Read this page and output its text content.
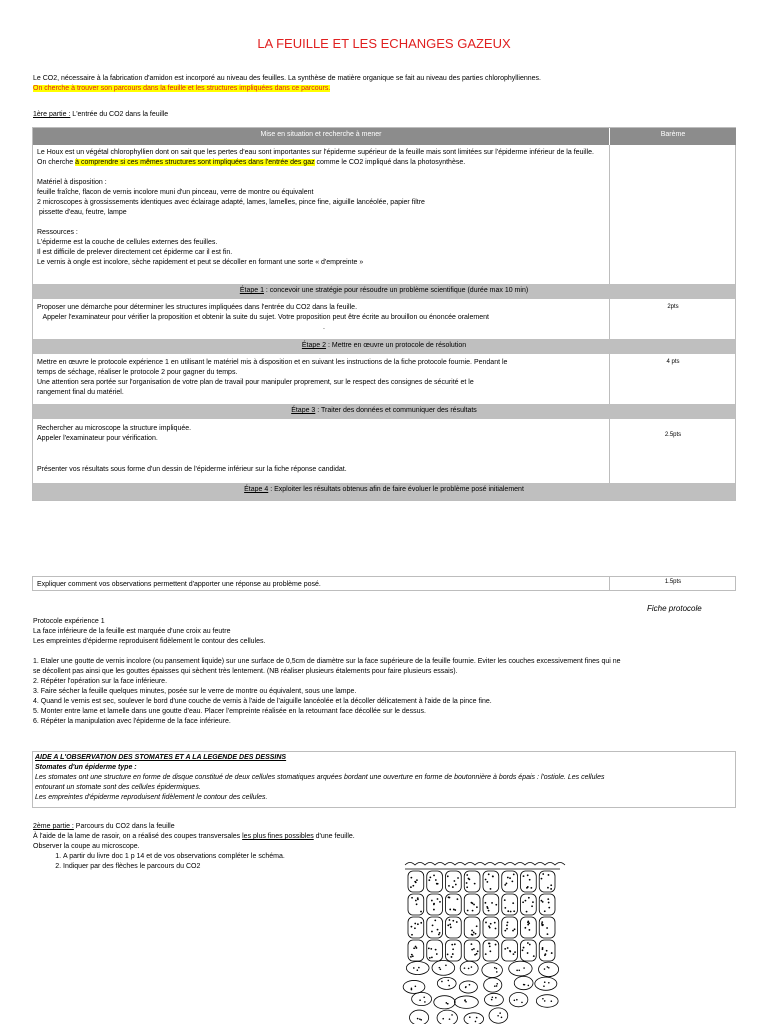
LA FEUILLE ET LES ECHANGES GAZEUX
Le CO2, nécessaire à la fabrication d'amidon est incorporé au niveau des feuilles. La synthèse de matière organique se fait au niveau des parties chlorophylliennes.
On cherche à trouver son parcours dans la feuille et les structures impliquées dans ce parcours.
1ère partie : L'entrée du CO2 dans la feuille
Mise en situation et recherche à mener	Barème
Le Houx est un végétal chlorophyllien dont on sait que les pertes d'eau sont importantes sur l'épiderme supérieur de la feuille mais sont limitées sur l'épiderme inférieur de la feuille. On cherche à comprendre si ces mêmes structures sont impliquées dans l'entrée des gaz comme le CO2 impliqué dans la photosynthèse.
Matériel à disposition :
feuille fraîche, flacon de vernis incolore muni d'un pinceau, verre de montre ou équivalent
2 microscopes à grossissements identiques avec éclairage adapté, lames, lamelles, pince fine, aiguille lancéolée, papier filtre
pissette d'eau, feutre, lampe
Ressources :
L'épiderme est la couche de cellules externes des feuilles.
Il est difficile de prelever directement cet épiderme car il est fin.
Le vernis à ongle est incolore, sèche rapidement et peut se décoller en formant une sorte « d'empreinte »
Étape 1 : concevoir une stratégie pour résoudre un problème scientifique (durée max 10 min)
Proposer une démarche pour déterminer les structures impliquées dans l'entrée du CO2 dans la feuille.
Appeler l'examinateur pour vérifier la proposition et obtenir la suite du sujet. Votre proposition peut être écrite au brouillon ou énoncée oralement
.
2pts
Étape 2 : Mettre en œuvre un protocole de résolution
Mettre en œuvre le protocole expérience 1 en utilisant le matériel mis à disposition et en suivant les instructions de la fiche protocole fournie. Pendant le
temps de séchage, réaliser le protocole 2 pour gagner du temps.
Une attention sera portée sur l'organisation de votre plan de travail pour manipuler proprement, sur le respect des consignes de sécurité et le
rangement final du matériel.
4 pts
Étape 3 : Traiter des données et communiquer des résultats
Rechercher au microscope la structure impliquée.
Appeler l'examinateur pour vérification.
Présenter vos résultats sous forme d'un dessin de l'épiderme inférieur sur la fiche réponse candidat.
2.5pts
Étape 4 : Exploiter les résultats obtenus afin de faire évoluer le problème posé initialement
Expliquer comment vos observations permettent d'apporter une réponse au problème posé.	1.5pts
Fiche protocole
Protocole expérience 1
La face inférieure de la feuille est marquée d'une croix au feutre
Les empreintes d'épiderme reproduisent fidèlement le contour des cellules.
1. Etaler une goutte de vernis incolore (ou pansement liquide) sur une surface de 0,5cm de diamètre sur la face supérieure de la feuille fournie. Eviter les couches excessivement fines qui ne
se décollent pas ainsi que les gouttes épaisses qui sèchent très lentement. (NB réaliser plusieurs étalements pour faire plusieurs essais).
2. Répéter l'opération sur la face inférieure.
3. Faire sécher la feuille quelques minutes, posée sur le verre de montre ou équivalent, sous une lampe.
4. Quand le vernis est sec, soulever le bord d'une couche de vernis à l'aide de l'aiguille lancéolée et la décoller délicatement à l'aide de la pince fine.
5. Monter entre lame et lamelle dans une goutte d'eau. Placer l'empreinte réalisée en la retournant face décollée sur le dessus.
6. Répéter la manipulation avec l'épiderme de la face inférieure.
AIDE A L'OBSERVATION DES STOMATES ET A LA LEGENDE DES DESSINS
Stomates d'un épiderme type :
Les stomates ont une structure en forme de disque constitué de deux cellules stomatiques arquées bordant une ouverture en forme de boutonnière à bords épais : l'ostiole. Les cellules
entourant un stomate sont des cellules épidermiques.
Les empreintes d'épiderme reproduisent fidèlement le contour des cellules.
2ème partie : Parcours du CO2 dans la feuille
À l'aide de la lame de rasoir, on a réalisé des coupes transversales les plus fines possibles d'une feuille.
Observer la coupe au microscope.
1. A partir du livre doc 1 p 14 et de vos observations compléter le schéma.
2. Indiquer par des flèches le parcours du CO2
